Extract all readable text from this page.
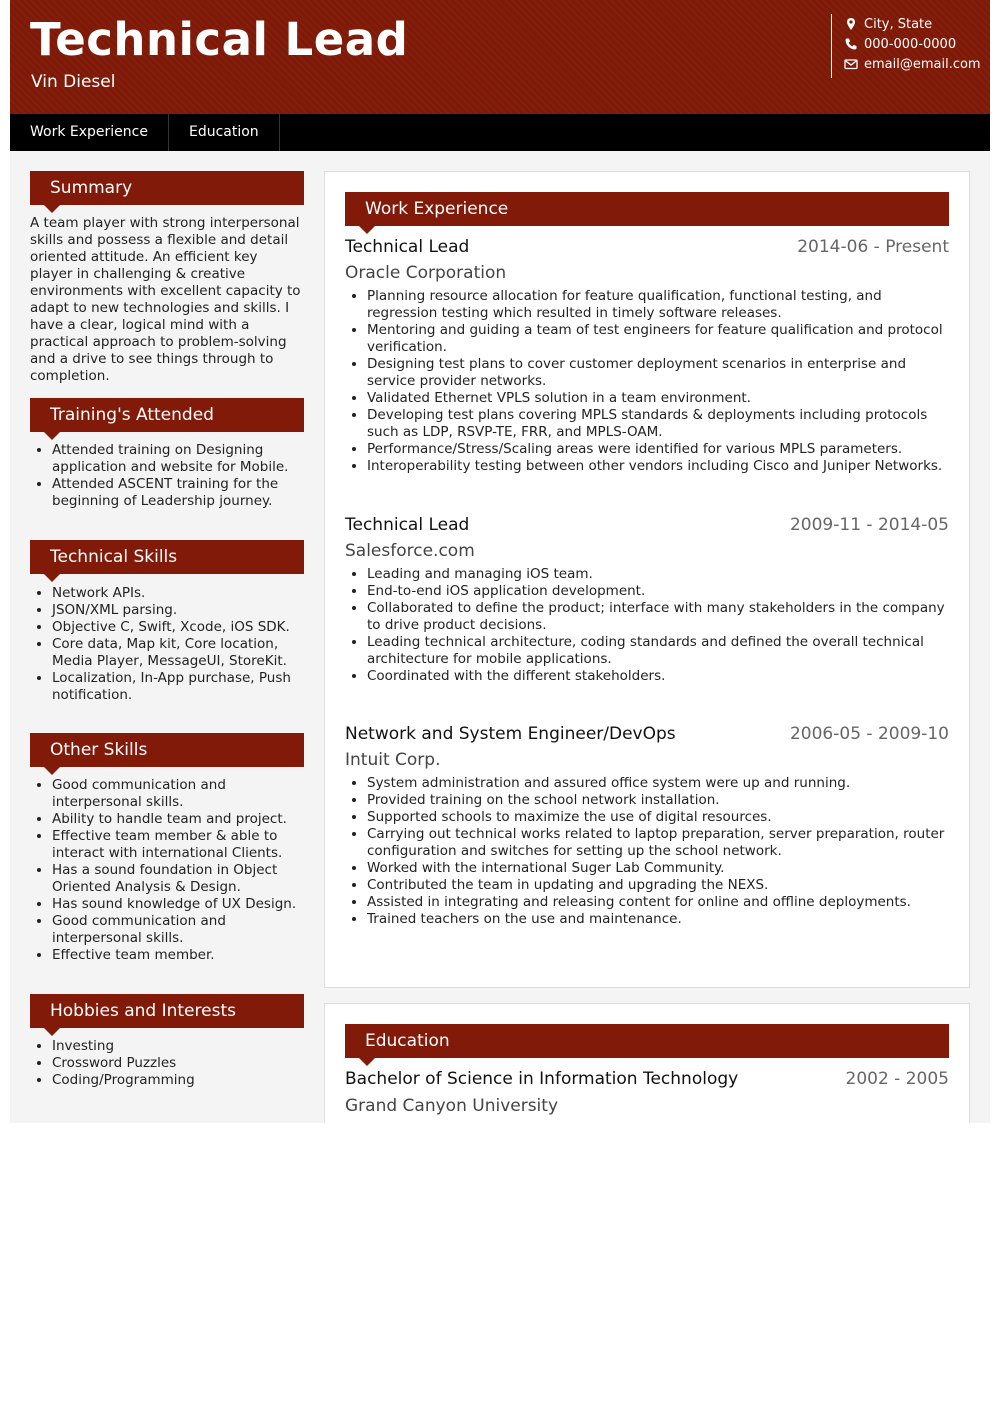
Technical Lead
Vin Diesel
City, State
000-000-0000
email@email.com
Work Experience	Education
Summary
A team player with strong interpersonal skills and possess a flexible and detail oriented attitude. An efficient key player in challenging & creative environments with excellent capacity to adapt to new technologies and skills. I have a clear, logical mind with a practical approach to problem-solving and a drive to see things through to completion.
Training's Attended
• Attended training on Designing application and website for Mobile.
• Attended ASCENT training for the beginning of Leadership journey.
Technical Skills
• Network APIs.
• JSON/XML parsing.
• Objective C, Swift, Xcode, iOS SDK.
• Core data, Map kit, Core location, Media Player, MessageUI, StoreKit.
• Localization, In-App purchase, Push notification.
Other Skills
• Good communication and interpersonal skills.
• Ability to handle team and project.
• Effective team member & able to interact with international Clients.
• Has a sound foundation in Object Oriented Analysis & Design.
• Has sound knowledge of UX Design.
• Good communication and interpersonal skills.
• Effective team member.
Hobbies and Interests
• Investing
• Crossword Puzzles
• Coding/Programming
Work Experience
Technical Lead	2014-06 - Present
Oracle Corporation
• Planning resource allocation for feature qualification, functional testing, and regression testing which resulted in timely software releases.
• Mentoring and guiding a team of test engineers for feature qualification and protocol verification.
• Designing test plans to cover customer deployment scenarios in enterprise and service provider networks.
• Validated Ethernet VPLS solution in a team environment.
• Developing test plans covering MPLS standards & deployments including protocols such as LDP, RSVP-TE, FRR, and MPLS-OAM.
• Performance/Stress/Scaling areas were identified for various MPLS parameters.
• Interoperability testing between other vendors including Cisco and Juniper Networks.
Technical Lead	2009-11 - 2014-05
Salesforce.com
• Leading and managing iOS team.
• End-to-end iOS application development.
• Collaborated to define the product; interface with many stakeholders in the company to drive product decisions.
• Leading technical architecture, coding standards and defined the overall technical architecture for mobile applications.
• Coordinated with the different stakeholders.
Network and System Engineer/DevOps	2006-05 - 2009-10
Intuit Corp.
• System administration and assured office system were up and running.
• Provided training on the school network installation.
• Supported schools to maximize the use of digital resources.
• Carrying out technical works related to laptop preparation, server preparation, router configuration and switches for setting up the school network.
• Worked with the international Suger Lab Community.
• Contributed the team in updating and upgrading the NEXS.
• Assisted in integrating and releasing content for online and offline deployments.
• Trained teachers on the use and maintenance.
Education
Bachelor of Science in Information Technology	2002 - 2005
Grand Canyon University
